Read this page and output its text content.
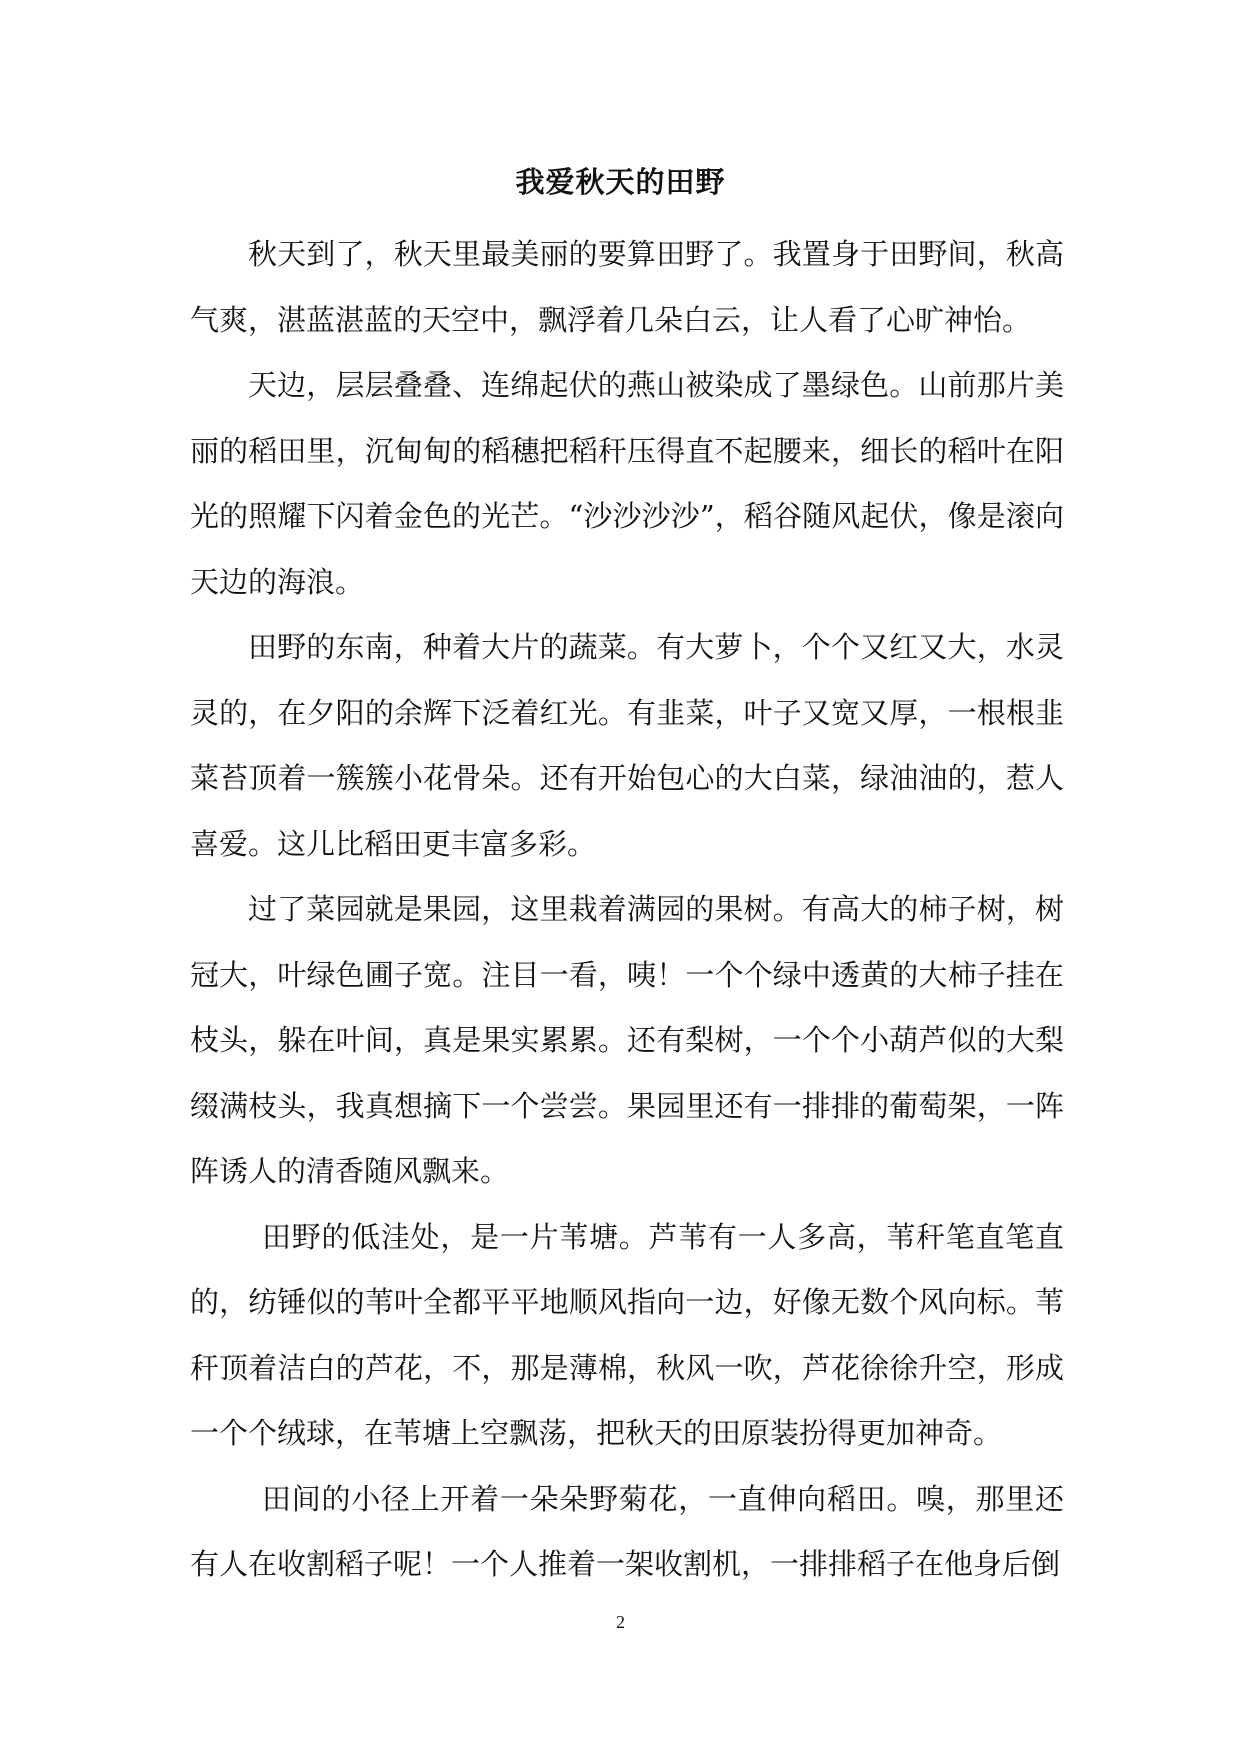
我爱秋天的田野

秋天到了，秋天里最美丽的要算田野了。我置身于田野间，秋高气爽，湛蓝湛蓝的天空中，飘浮着几朵白云，让人看了心旷神怡。

天边，层层叠叠、连绵起伏的燕山被染成了墨绿色。山前那片美丽的稻田里，沉甸甸的稻穗把稻秆压得直不起腰来，细长的稻叶在阳光的照耀下闪着金色的光芒。“沙沙沙沙”，稻谷随风起伏，像是滚向天边的海浪。

田野的东南，种着大片的蔬菜。有大萝卜，个个又红又大，水灵灵的，在夕阳的余辉下泛着红光。有韭菜，叶子又宽又厚，一根根韭菜苔顶着一簇簇小花骨朵。还有开始包心的大白菜，绿油油的，惹人喜爱。这儿比稻田更丰富多彩。

过了菜园就是果园，这里栽着满园的果树。有高大的柿子树，树冠大，叶绿色圃子宽。注目一看，咦！一个个绿中透黄的大柿子挂在枝头，躲在叶间，真是果实累累。还有梨树，一个个小葫芦似的大梨缀满枝头，我真想摘下一个尝尝。果园里还有一排排的葡萄架，一阵阵诱人的清香随风飘来。

田野的低洼处，是一片苇塘。芦苇有一人多高，苇秆笔直笔直的，纺锤似的苇叶全都平平地顺风指向一边，好像无数个风向标。苇秆顶着洁白的芦花，不，那是薄棉，秋风一吹，芦花徐徐升空，形成一个个绒球，在苇塘上空飘荡，把秋天的田原装扮得更加神奇。

田间的小径上开着一朵朵野菊花，一直伸向稻田。嗅，那里还有人在收割稻子呢！一个人推着一架收割机，一排排稻子在他身后倒

2
